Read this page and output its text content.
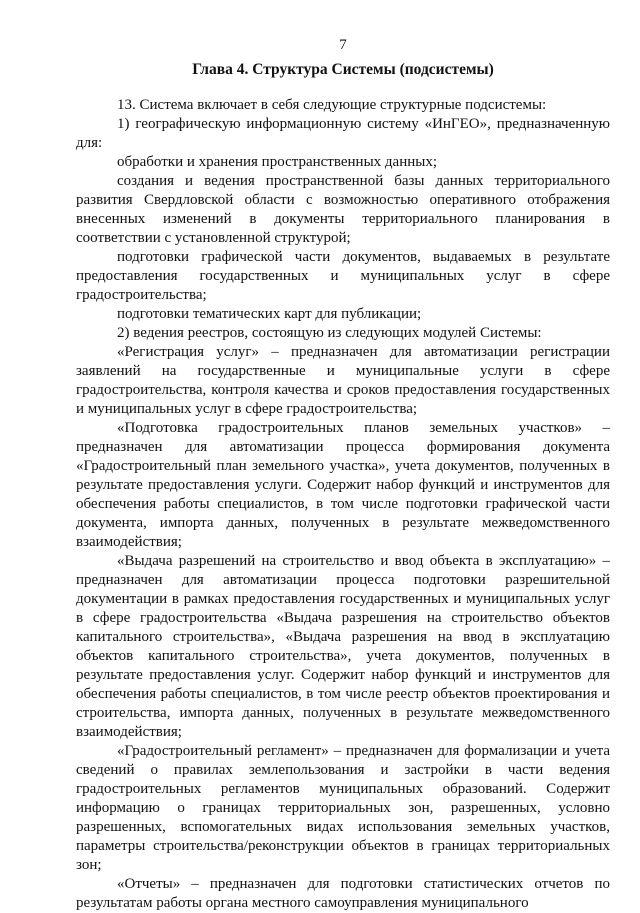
7
Глава 4. Структура Системы (подсистемы)

13. Система включает в себя следующие структурные подсистемы:

1) географическую информационную систему «ИнГЕО», предназначенную для:

обработки и хранения пространственных данных;

создания и ведения пространственной базы данных территориального развития Свердловской области с возможностью оперативного отображения внесенных изменений в документы территориального планирования в соответствии с установленной структурой;

подготовки графической части документов, выдаваемых в результате предоставления государственных и муниципальных услуг в сфере градостроительства;

подготовки тематических карт для публикации;

2) ведения реестров, состоящую из следующих модулей Системы:

«Регистрация услуг» – предназначен для автоматизации регистрации заявлений на государственные и муниципальные услуги в сфере градостроительства, контроля качества и сроков предоставления государственных и муниципальных услуг в сфере градостроительства;

«Подготовка градостроительных планов земельных участков» – предназначен для автоматизации процесса формирования документа «Градостроительный план земельного участка», учета документов, полученных в результате предоставления услуги. Содержит набор функций и инструментов для обеспечения работы специалистов, в том числе подготовки графической части документа, импорта данных, полученных в результате межведомственного взаимодействия;

«Выдача разрешений на строительство и ввод объекта в эксплуатацию» – предназначен для автоматизации процесса подготовки разрешительной документации в рамках предоставления государственных и муниципальных услуг в сфере градостроительства «Выдача разрешения на строительство объектов капитального строительства», «Выдача разрешения на ввод в эксплуатацию объектов капитального строительства», учета документов, полученных в результате предоставления услуг. Содержит набор функций и инструментов для обеспечения работы специалистов, в том числе реестр объектов проектирования и строительства, импорта данных, полученных в результате межведомственного взаимодействия;

«Градостроительный регламент» – предназначен для формализации и учета сведений о правилах землепользования и застройки в части ведения градостроительных регламентов муниципальных образований. Содержит информацию о границах территориальных зон, разрешенных, условно разрешенных, вспомогательных видах использования земельных участков, параметры строительства/реконструкции объектов в границах территориальных зон;

«Отчеты» – предназначен для подготовки статистических отчетов по результатам работы органа местного самоуправления муниципального
